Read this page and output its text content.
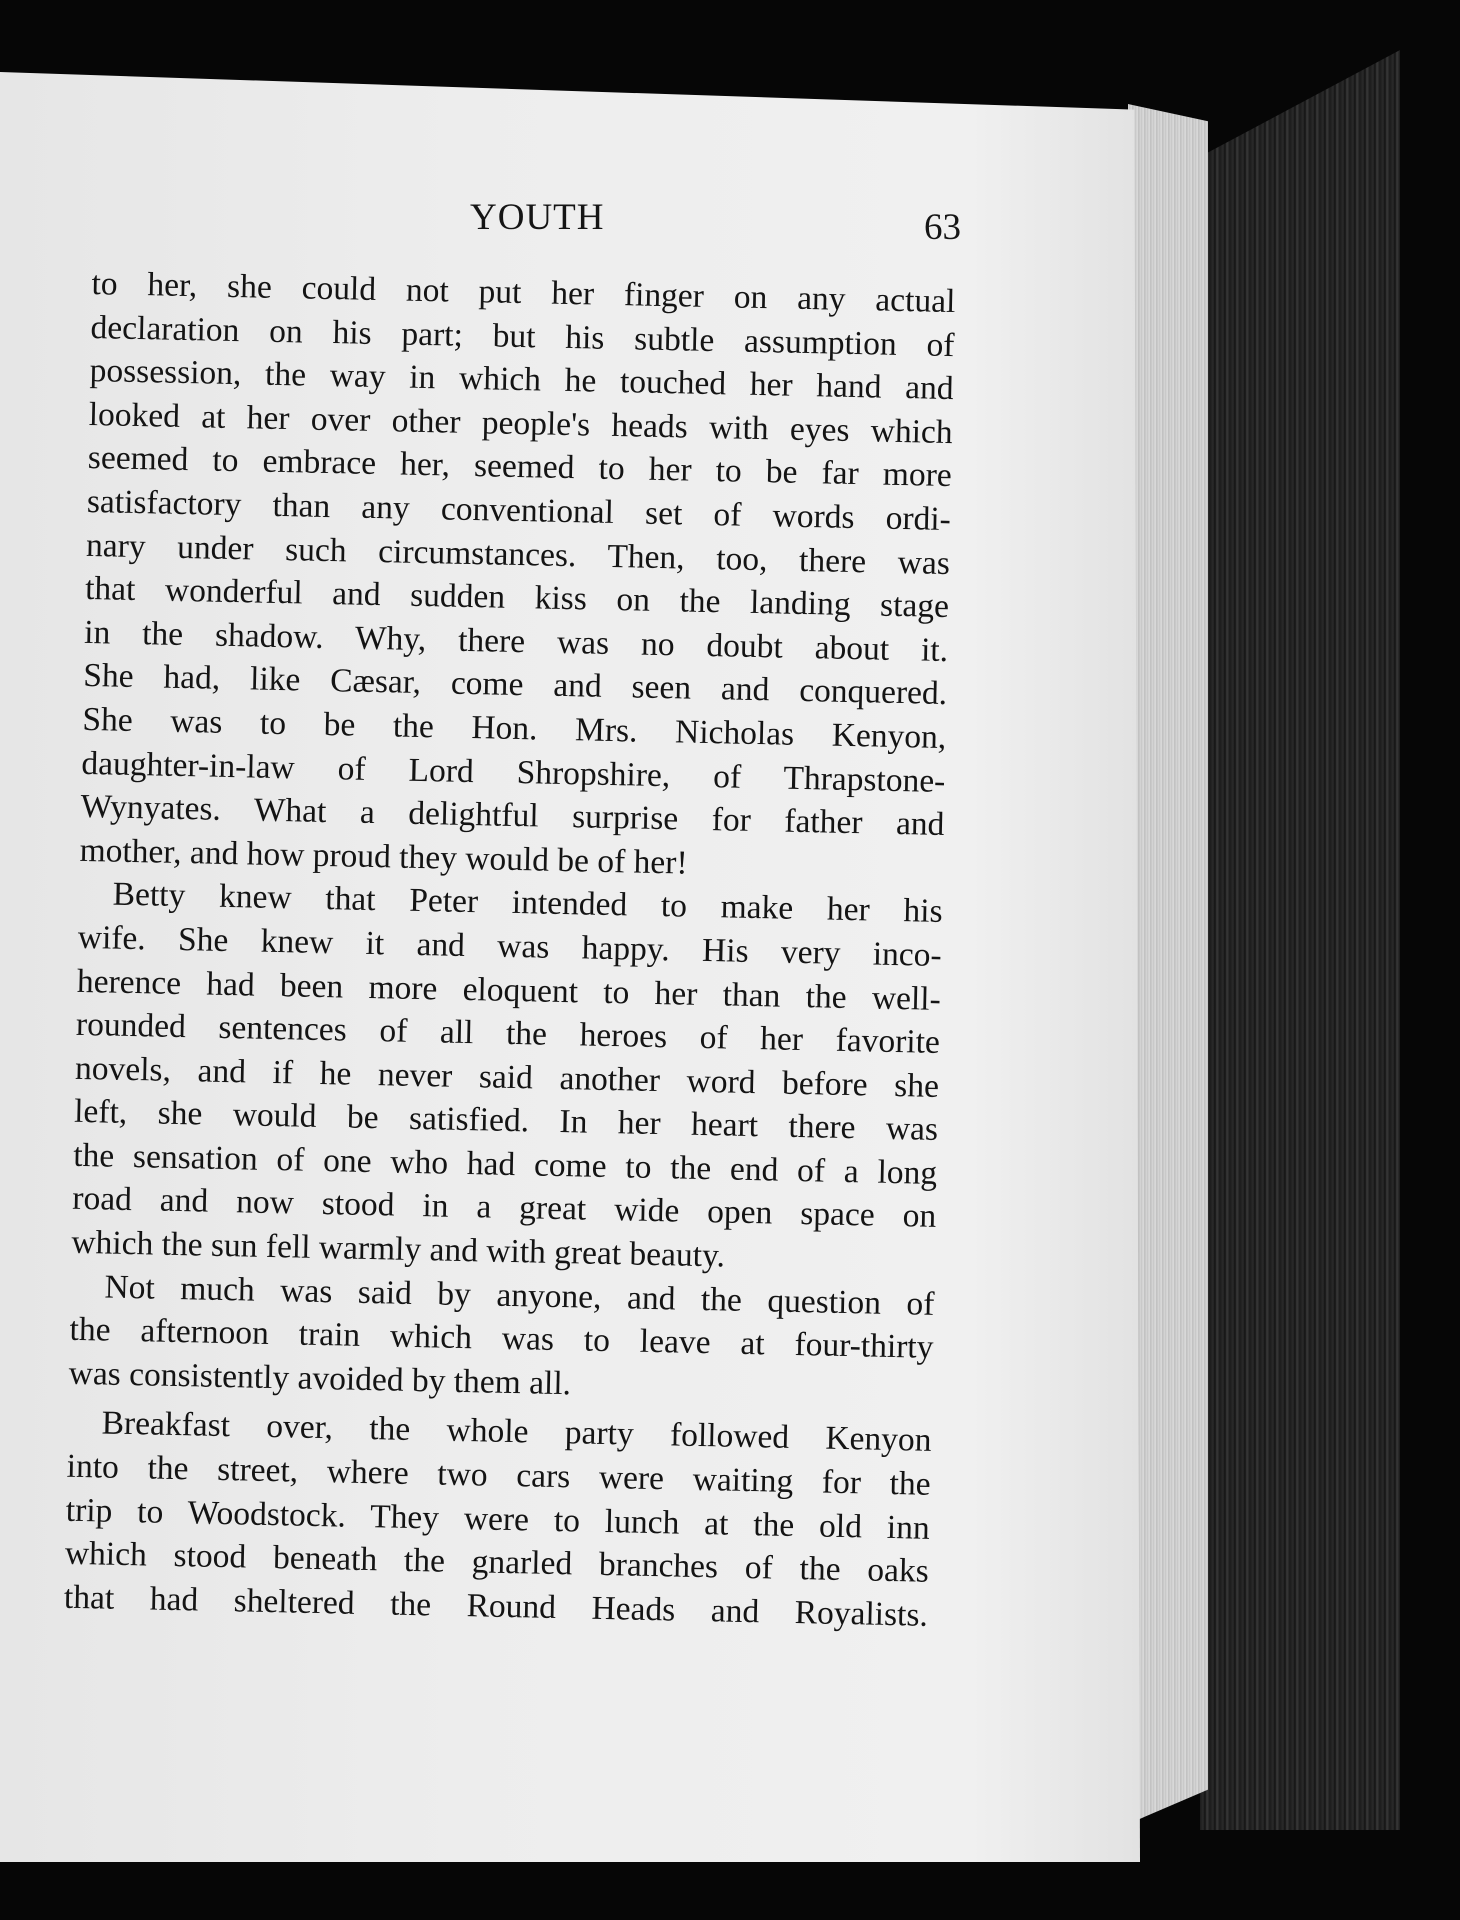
YOUTH	63

to her, she could not put her finger on any actual
declaration on his part; but his subtle assumption of
possession, the way in which he touched her hand and
looked at her over other people's heads with eyes which
seemed to embrace her, seemed to her to be far more
satisfactory than any conventional set of words ordi-
nary under such circumstances. Then, too, there was
that wonderful and sudden kiss on the landing stage
in the shadow. Why, there was no doubt about it.
She had, like Cæsar, come and seen and conquered.
She was to be the Hon. Mrs. Nicholas Kenyon,
daughter-in-law of Lord Shropshire, of Thrapstone-
Wynyates. What a delightful surprise for father and
mother, and how proud they would be of her!

Betty knew that Peter intended to make her his
wife. She knew it and was happy. His very inco-
herence had been more eloquent to her than the well-
rounded sentences of all the heroes of her favorite
novels, and if he never said another word before she
left, she would be satisfied. In her heart there was
the sensation of one who had come to the end of a long
road and now stood in a great wide open space on
which the sun fell warmly and with great beauty.

Not much was said by anyone, and the question of
the afternoon train which was to leave at four-thirty
was consistently avoided by them all.

Breakfast over, the whole party followed Kenyon
into the street, where two cars were waiting for the
trip to Woodstock. They were to lunch at the old inn
which stood beneath the gnarled branches of the oaks
that had sheltered the Round Heads and Royalists.
